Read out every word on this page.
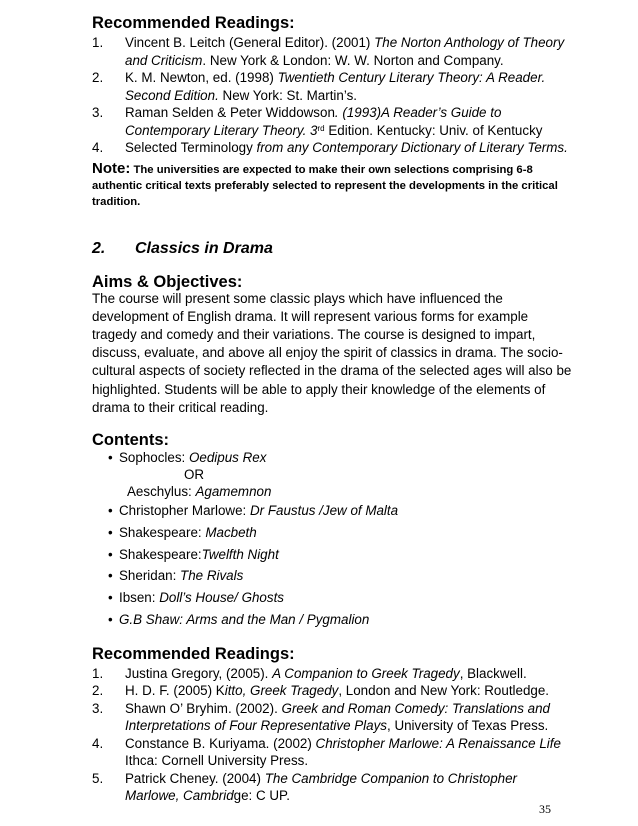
Recommended Readings:
1. Vincent B. Leitch (General Editor). (2001) The Norton Anthology of Theory and Criticism. New York & London: W. W. Norton and Company.
2. K. M. Newton, ed. (1998) Twentieth Century Literary Theory: A Reader. Second Edition. New York: St. Martin’s.
3. Raman Selden & Peter Widdowson. (1993)A Reader’s Guide to Contemporary Literary Theory. 3rd Edition. Kentucky: Univ. of Kentucky
4. Selected Terminology from any Contemporary Dictionary of Literary Terms.
Note: The universities are expected to make their own selections comprising 6-8 authentic critical texts preferably selected to represent the developments in the critical tradition.
2. Classics in Drama
Aims & Objectives:

The course will present some classic plays which have influenced the development of English drama. It will represent various forms for example tragedy and comedy and their variations. The course is designed to impart, discuss, evaluate, and above all enjoy the spirit of classics in drama. The socio-cultural aspects of society reflected in the drama of the selected ages will also be highlighted. Students will be able to apply their knowledge of the elements of drama to their critical reading.

Contents:
• Sophocles: Oedipus Rex
OR
Aeschylus: Agamemnon
• Christopher Marlowe: Dr Faustus /Jew of Malta
• Shakespeare: Macbeth
• Shakespeare:Twelfth Night
• Sheridan: The Rivals
• Ibsen: Doll’s House/ Ghosts
• G.B Shaw: Arms and the Man / Pygmalion
Recommended Readings:
1. Justina Gregory, (2005). A Companion to Greek Tragedy, Blackwell.
2. H. D. F. (2005) Kitto, Greek Tragedy, London and New York: Routledge.
3. Shawn O’ Bryhim. (2002). Greek and Roman Comedy: Translations and Interpretations of Four Representative Plays, University of Texas Press.
4. Constance B. Kuriyama. (2002) Christopher Marlowe: A Renaissance Life Ithca: Cornell University Press.
5. Patrick Cheney. (2004) The Cambridge Companion to Christopher Marlowe, Cambridge: C UP.
35
